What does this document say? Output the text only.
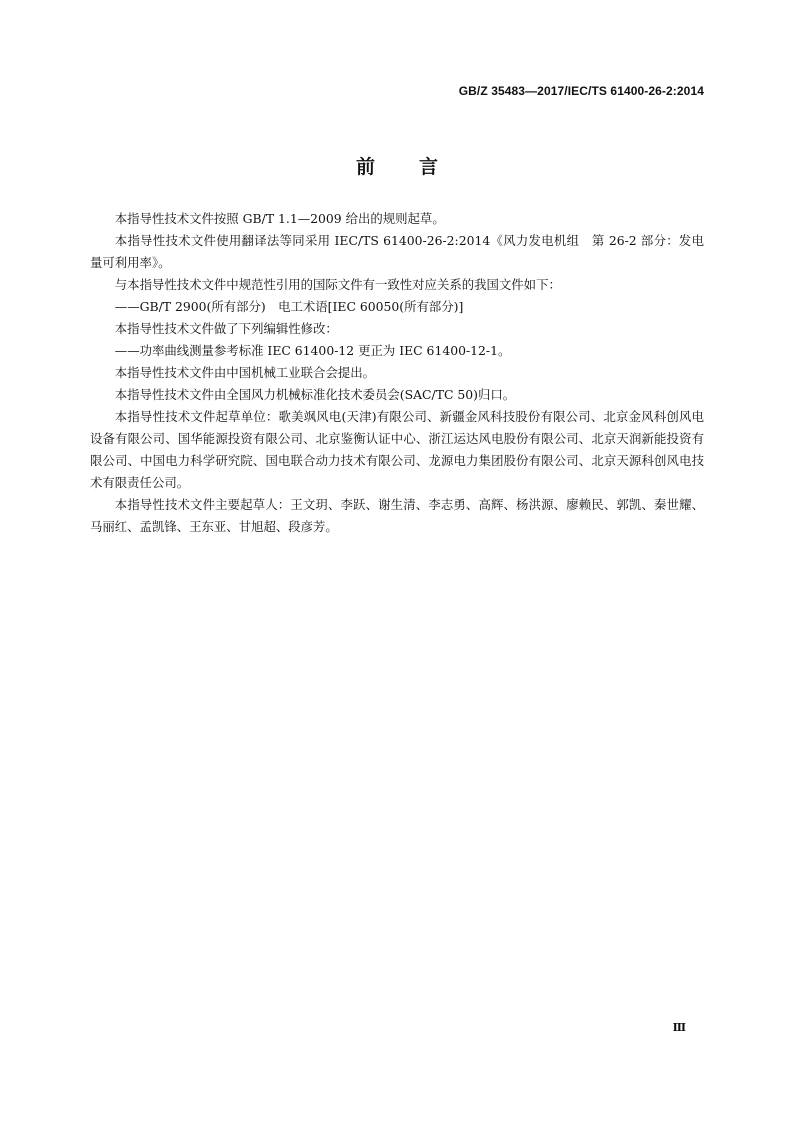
GB/Z 35483—2017/IEC/TS 61400-26-2:2014
前言

本指导性技术文件按照 GB/T 1.1—2009 给出的规则起草。

本指导性技术文件使用翻译法等同采用 IEC/TS 61400-26-2:2014《风力发电机组　第 26-2 部分：发电量可利用率》。

与本指导性技术文件中规范性引用的国际文件有一致性对应关系的我国文件如下：

——GB/T 2900(所有部分)　电工术语[IEC 60050(所有部分)]

本指导性技术文件做了下列编辑性修改：

——功率曲线测量参考标准 IEC 61400-12 更正为 IEC 61400-12-1。

本指导性技术文件由中国机械工业联合会提出。

本指导性技术文件由全国风力机械标准化技术委员会(SAC/TC 50)归口。

本指导性技术文件起草单位：歌美飒风电(天津)有限公司、新疆金风科技股份有限公司、北京金风科创风电设备有限公司、国华能源投资有限公司、北京鉴衡认证中心、浙江运达风电股份有限公司、北京天润新能投资有限公司、中国电力科学研究院、国电联合动力技术有限公司、龙源电力集团股份有限公司、北京天源科创风电技术有限责任公司。

本指导性技术文件主要起草人：王文玥、李跃、谢生清、李志勇、高辉、杨洪源、廖赖民、郭凯、秦世耀、马丽红、孟凯锋、王东亚、甘旭超、段彦芳。

Ⅲ
